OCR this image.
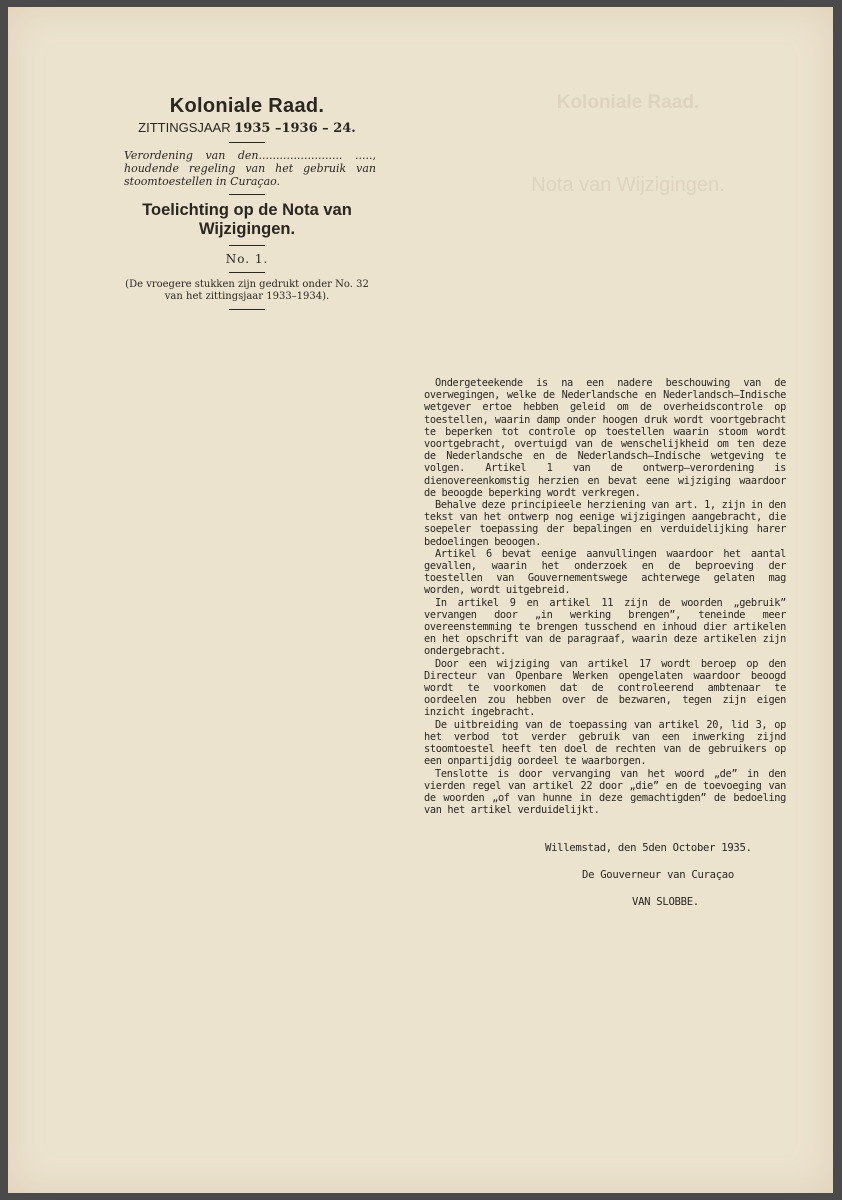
Koloniale Raad.
Nota van Wijzigingen.
Koloniale Raad.
ZITTINGSJAAR 1935 –1936 – 24.
Verordening van den........................ ....., houdende regeling van het gebruik van stoomtoestellen in Curaçao.
Toelichting op de Nota van Wijzigingen.
No. 1.
(De vroegere stukken zijn gedrukt onder No. 32 van het zittingsjaar 1933–1934).

Ondergeteekende is na een nadere beschouwing van de overwegingen, welke de Nederlandsche en Nederlandsch–Indische wetgever ertoe hebben geleid om de overheidscontrole op toestellen, waarin damp onder hoogen druk wordt voortgebracht te beperken tot controle op toestellen waarin stoom wordt voortgebracht, overtuigd van de wenschelijkheid om ten deze de Nederlandsche en de Nederlandsch–Indische wetgeving te volgen. Artikel 1 van de ontwerp–verordening is dienovereenkomstig herzien en bevat eene wijziging waardoor de beoogde beperking wordt verkregen.

Behalve deze principieele herziening van art. 1, zijn in den tekst van het ontwerp nog eenige wijzigingen aangebracht, die soepeler toepassing der bepalingen en verduidelijking harer bedoelingen beoogen.

Artikel 6 bevat eenige aanvullingen waardoor het aantal gevallen, waarin het onderzoek en de beproeving der toestellen van Gouvernementswege achterwege gelaten mag worden, wordt uitgebreid.

In artikel 9 en artikel 11 zijn de woorden „gebruik” vervangen door „in werking brengen”, teneinde meer overeenstemming te brengen tusschend en inhoud dier artikelen en het opschrift van de paragraaf, waarin deze artikelen zijn ondergebracht.

Door een wijziging van artikel 17 wordt beroep op den Directeur van Openbare Werken opengelaten waardoor beoogd wordt te voorkomen dat de controleerend ambtenaar te oordeelen zou hebben over de bezwaren, tegen zijn eigen inzicht ingebracht.

De uitbreiding van de toepassing van artikel 20, lid 3, op het verbod tot verder gebruik van een inwerking zijnd stoomtoestel heeft ten doel de rechten van de gebruikers op een onpartijdig oordeel te waarborgen.

Tenslotte is door vervanging van het woord „de” in den vierden regel van artikel 22 door „die” en de toevoeging van de woorden „of van hunne in deze gemachtigden” de bedoeling van het artikel verduidelijkt.

Willemstad, den 5den October 1935.
De Gouverneur van Curaçao
VAN SLOBBE.
